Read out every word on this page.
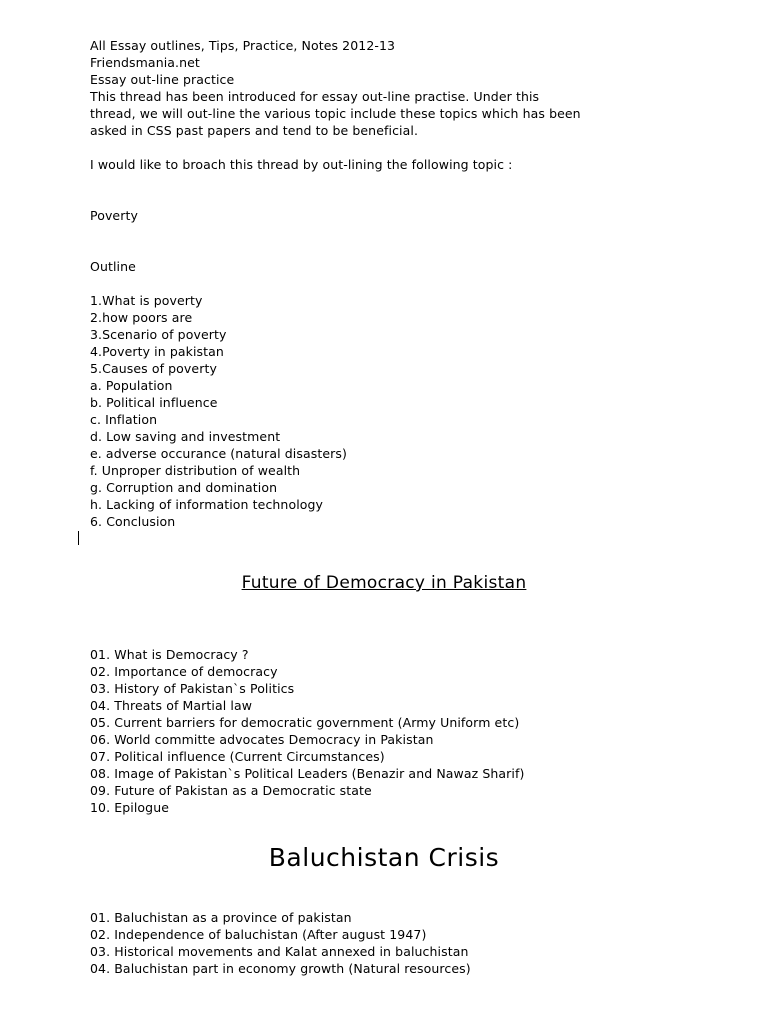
All Essay outlines, Tips, Practice, Notes 2012-13
Friendsmania.net
Essay out-line practice
This thread has been introduced for essay out-line practise. Under this
thread, we will out-line the various topic include these topics which has been
asked in CSS past papers and tend to be beneficial.
I would like to broach this thread by out-lining the following topic :
Poverty
Outline
1.What is poverty
2.how poors are
3.Scenario of poverty
4.Poverty in pakistan
5.Causes of poverty
a. Population
b. Political influence
c. Inflation
d. Low saving and investment
e. adverse occurance (natural disasters)
f. Unproper distribution of wealth
g. Corruption and domination
h. Lacking of information technology
6. Conclusion
Future of Democracy in Pakistan
01. What is Democracy ?
02. Importance of democracy
03. History of Pakistan`s Politics
04. Threats of Martial law
05. Current barriers for democratic government (Army Uniform etc)
06. World committe advocates Democracy in Pakistan
07. Political influence (Current Circumstances)
08. Image of Pakistan`s Political Leaders (Benazir and Nawaz Sharif)
09. Future of Pakistan as a Democratic state
10. Epilogue
Baluchistan Crisis
01. Baluchistan as a province of pakistan
02. Independence of baluchistan (After august 1947)
03. Historical movements and Kalat annexed in baluchistan
04. Baluchistan part in economy growth (Natural resources)
